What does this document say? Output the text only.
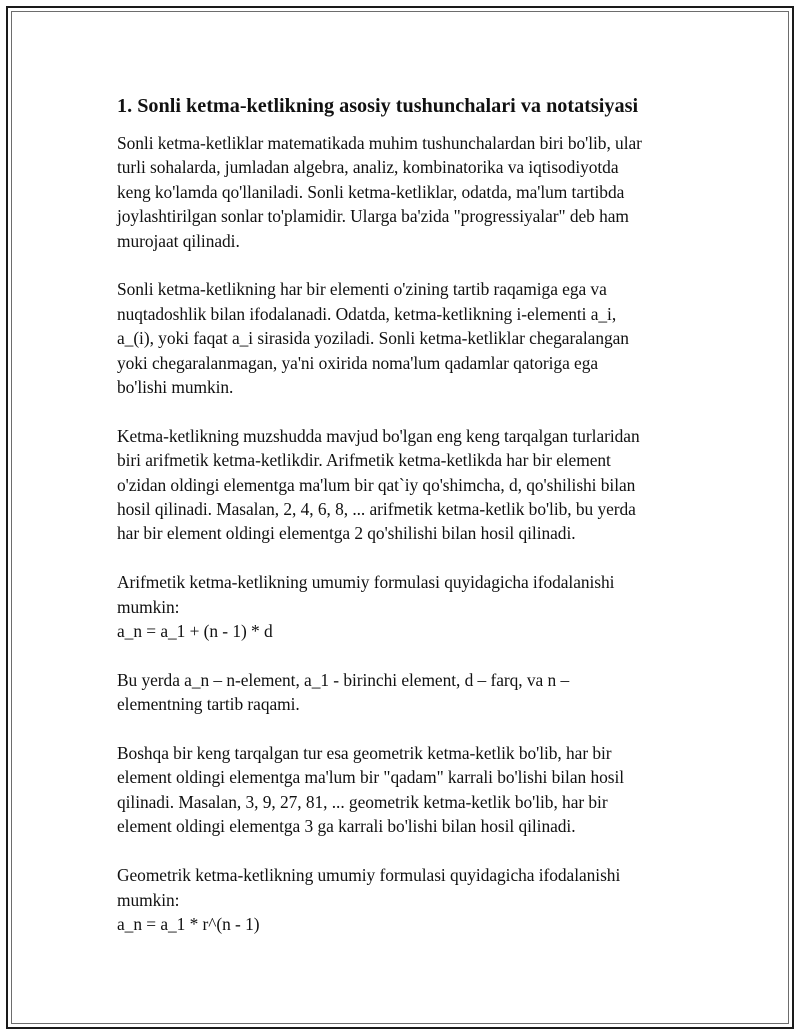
1. Sonli ketma-ketlikning asosiy tushunchalari va notatsiyasi
Sonli ketma-ketliklar matematikada muhim tushunchalardan biri bo'lib, ular
turli sohalarda, jumladan algebra, analiz, kombinatorika va iqtisodiyotda
keng ko'lamda qo'llaniladi. Sonli ketma-ketliklar, odatda, ma'lum tartibda
joylashtirilgan sonlar to'plamidir. Ularga ba'zida "progressiyalar" deb ham
murojaat qilinadi.
Sonli ketma-ketlikning har bir elementi o'zining tartib raqamiga ega va
nuqtadoshlik bilan ifodalanadi. Odatda, ketma-ketlikning i-elementi a_i,
a_(i), yoki faqat a_i sirasida yoziladi. Sonli ketma-ketliklar chegaralangan
yoki chegaralanmagan, ya'ni oxirida noma'lum qadamlar qatoriga ega
bo'lishi mumkin.
Ketma-ketlikning muzshudda mavjud bo'lgan eng keng tarqalgan turlaridan
biri arifmetik ketma-ketlikdir. Arifmetik ketma-ketlikda har bir element
o'zidan oldingi elementga ma'lum bir qat`iy qo'shimcha, d, qo'shilishi bilan
hosil qilinadi. Masalan, 2, 4, 6, 8, ... arifmetik ketma-ketlik bo'lib, bu yerda
har bir element oldingi elementga 2 qo'shilishi bilan hosil qilinadi.
Arifmetik ketma-ketlikning umumiy formulasi quyidagicha ifodalanishi
mumkin:
a_n = a_1 + (n - 1) * d
Bu yerda a_n – n-element, a_1 - birinchi element, d – farq, va n –
elementning tartib raqami.
Boshqa bir keng tarqalgan tur esa geometrik ketma-ketlik bo'lib, har bir
element oldingi elementga ma'lum bir "qadam" karrali bo'lishi bilan hosil
qilinadi. Masalan, 3, 9, 27, 81, ... geometrik ketma-ketlik bo'lib, har bir
element oldingi elementga 3 ga karrali bo'lishi bilan hosil qilinadi.
Geometrik ketma-ketlikning umumiy formulasi quyidagicha ifodalanishi
mumkin:
a_n = a_1 * r^(n - 1)
